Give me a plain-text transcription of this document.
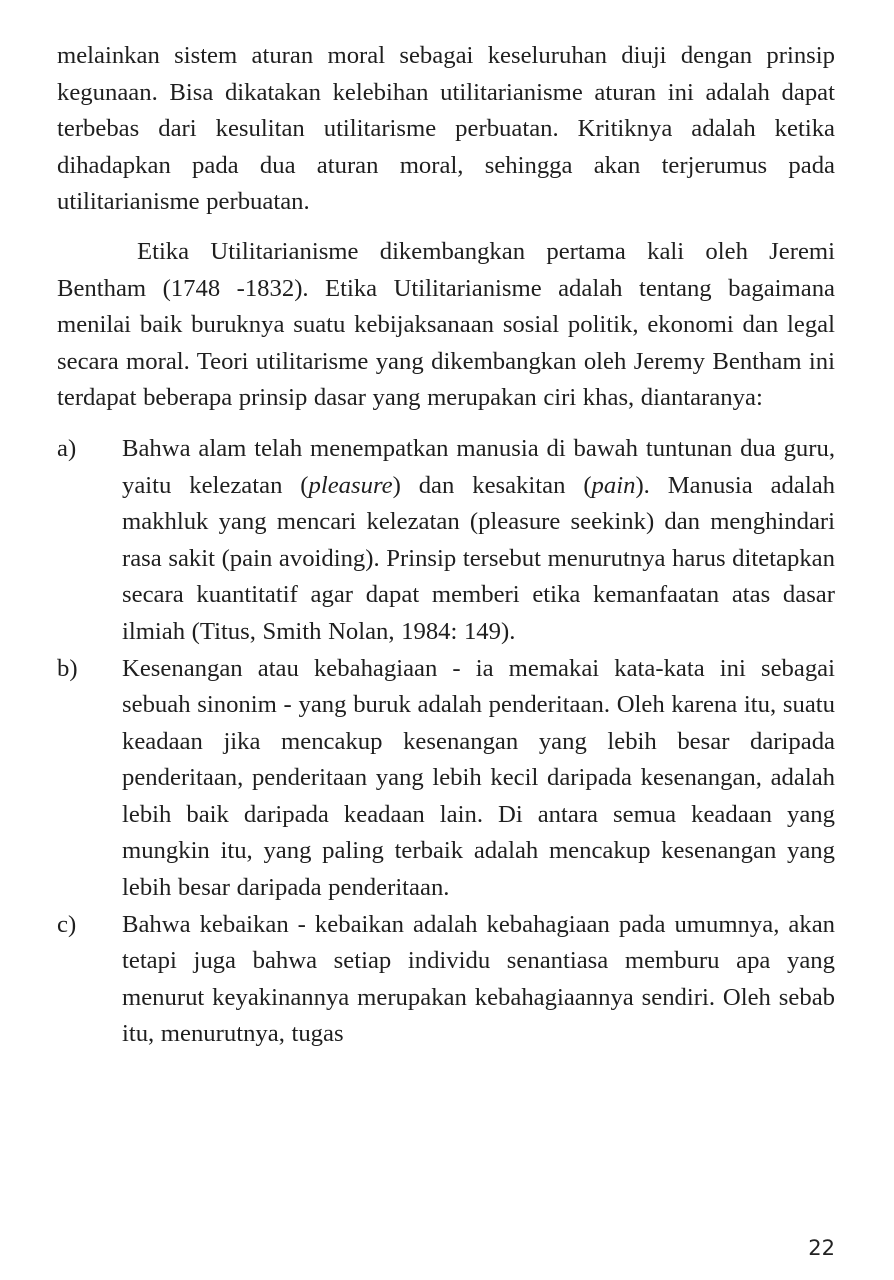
melainkan sistem aturan moral sebagai keseluruhan diuji dengan prinsip kegunaan. Bisa dikatakan kelebihan utilitarianisme aturan ini adalah dapat terbebas dari kesulitan utilitarisme perbuatan. Kritiknya adalah ketika dihadapkan pada dua aturan moral, sehingga akan terjerumus pada utilitarianisme perbuatan.

Etika Utilitarianisme dikembangkan pertama kali oleh Jeremi Bentham (1748 -1832). Etika Utilitarianisme adalah tentang bagaimana menilai baik buruknya suatu kebijaksanaan sosial politik, ekonomi dan legal secara moral. Teori utilitarisme yang dikembangkan oleh Jeremy Bentham ini terdapat beberapa prinsip dasar yang merupakan ciri khas, diantaranya:

a)	Bahwa alam telah menempatkan manusia di bawah tuntunan dua guru, yaitu kelezatan (pleasure) dan kesakitan (pain). Manusia adalah makhluk yang mencari kelezatan (pleasure seekink) dan menghindari rasa sakit (pain avoiding). Prinsip tersebut menurutnya harus ditetapkan secara kuantitatif agar dapat memberi etika kemanfaatan atas dasar ilmiah (Titus, Smith Nolan, 1984: 149).
b)	Kesenangan atau kebahagiaan - ia memakai kata-kata ini sebagai sebuah sinonim - yang buruk adalah penderitaan. Oleh karena itu, suatu keadaan jika mencakup kesenangan yang lebih besar daripada penderitaan, penderitaan yang lebih kecil daripada kesenangan, adalah lebih baik daripada keadaan lain. Di antara semua keadaan yang mungkin itu, yang paling terbaik adalah mencakup kesenangan yang lebih besar daripada penderitaan.
c)	Bahwa kebaikan - kebaikan adalah kebahagiaan pada umumnya, akan tetapi juga bahwa setiap individu senantiasa memburu apa yang menurut keyakinannya merupakan kebahagiaannya sendiri. Oleh sebab itu, menurutnya, tugas
22
